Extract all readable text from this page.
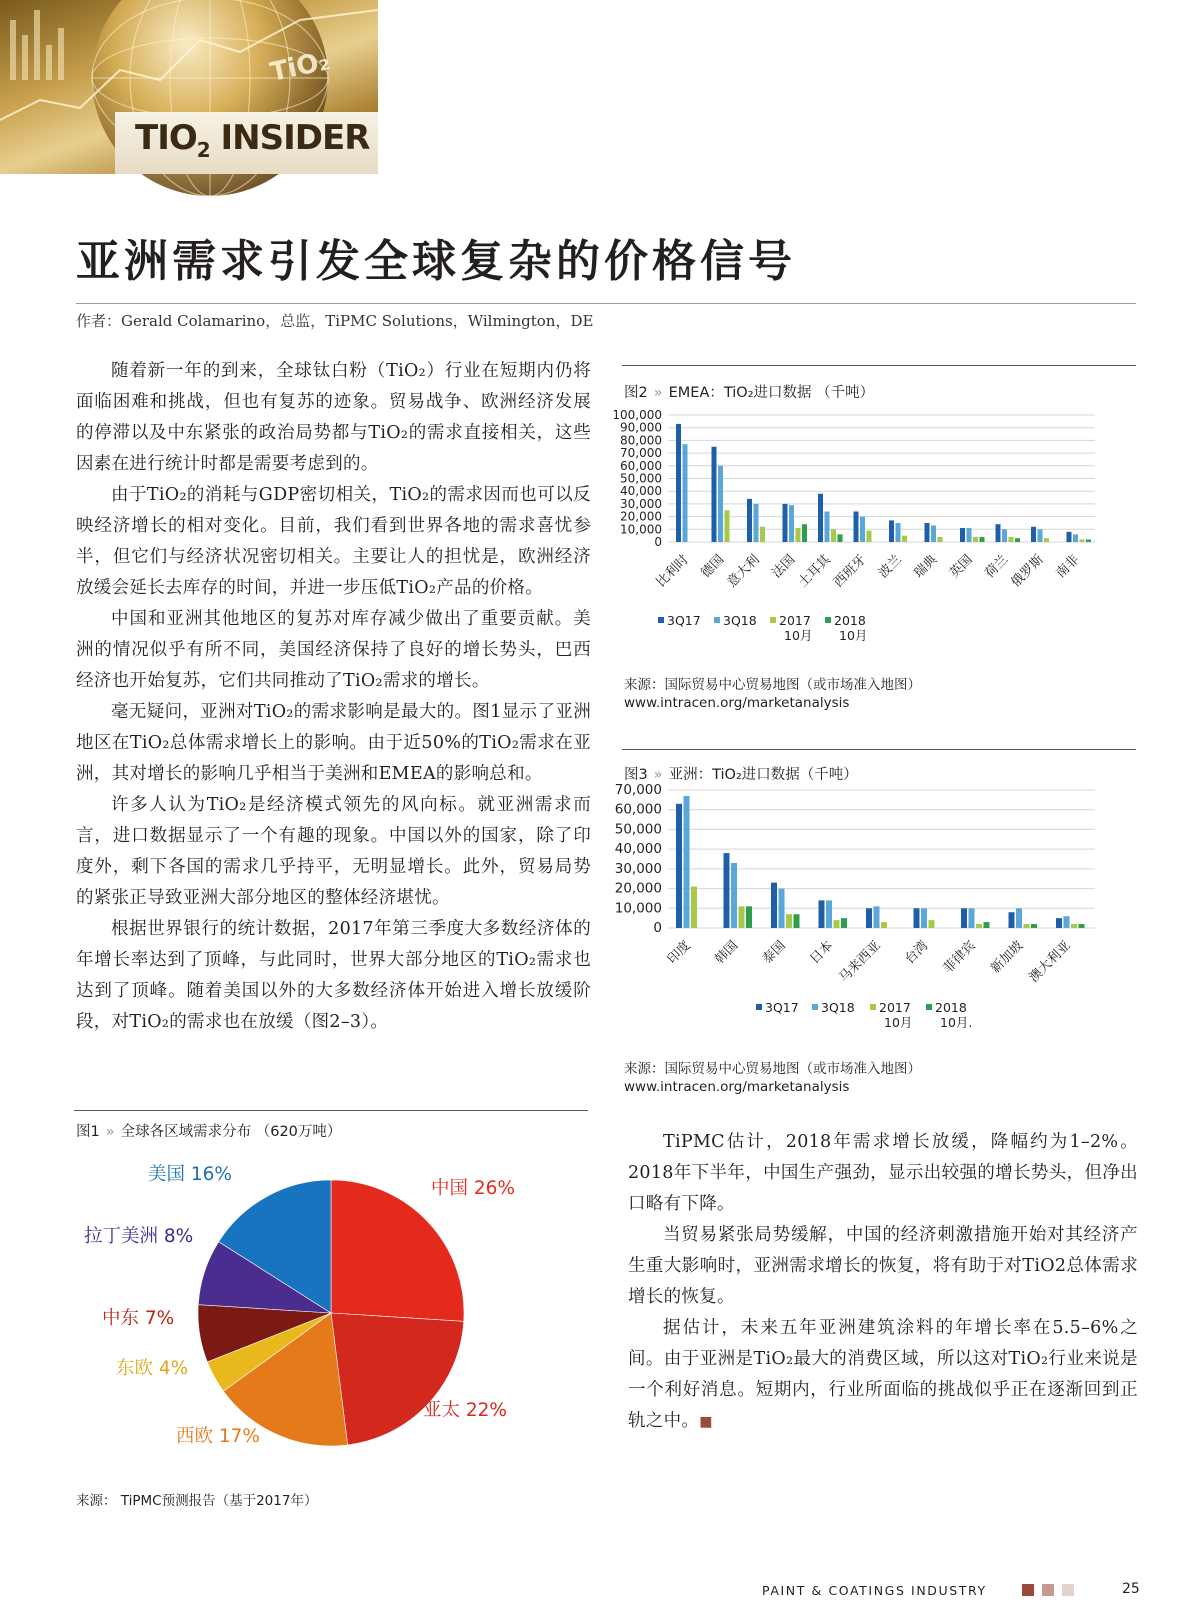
TiO₂
$TIO_2$ INSIDER
亚洲需求引发全球复杂的价格信号
作者：Gerald Colamarino，总监，TiPMC Solutions，Wilmington，DE

随着新一年的到来，全球钛白粉（TiO₂）行业在短期内仍将面临困难和挑战，但也有复苏的迹象。贸易战争、欧洲经济发展的停滞以及中东紧张的政治局势都与TiO₂的需求直接相关，这些因素在进行统计时都是需要考虑到的。

由于TiO₂的消耗与GDP密切相关，TiO₂的需求因而也可以反映经济增长的相对变化。目前，我们看到世界各地的需求喜忧参半，但它们与经济状况密切相关。主要让人的担忧是，欧洲经济放缓会延长去库存的时间，并进一步压低TiO₂产品的价格。

中国和亚洲其他地区的复苏对库存减少做出了重要贡献。美洲的情况似乎有所不同，美国经济保持了良好的增长势头，巴西经济也开始复苏，它们共同推动了TiO₂需求的增长。

毫无疑问，亚洲对TiO₂的需求影响是最大的。图1显示了亚洲地区在TiO₂总体需求增长上的影响。由于近50%的TiO₂需求在亚洲，其对增长的影响几乎相当于美洲和EMEA的影响总和。

许多人认为TiO₂是经济模式领先的风向标。就亚洲需求而言，进口数据显示了一个有趣的现象。中国以外的国家，除了印度外，剩下各国的需求几乎持平，无明显增长。此外，贸易局势的紧张正导致亚洲大部分地区的整体经济堪忧。

根据世界银行的统计数据，2017年第三季度大多数经济体的年增长率达到了顶峰，与此同时，世界大部分地区的TiO₂需求也达到了顶峰。随着美国以外的大多数经济体开始进入增长放缓阶段，对TiO₂的需求也在放缓（图2–3）。

图1 » 全球各区域需求分布 （620万吨）
中国 26%
亚太 22%
西欧 17%
东欧 4%
中东 7%
拉丁美洲 8%
美国 16%
来源： TiPMC预测报告（基于2017年）
图2 » EMEA：TiO₂进口数据 （千吨）
100,000
90,000
80,000
70,000
60,000
50,000
40,000
30,000
20,000
10,000
0
比利时 德国
意大利 法国
土耳其
西班牙 波兰 瑞典 英国 荷兰
俄罗斯 南非
3Q17 3Q18 2017
10月
2018
10月
来源：国际贸易中心贸易地图（或市场准入地图）
www.intracen.org/marketanalysis
图3 » 亚洲：TiO₂进口数据（千吨）
70,000
60,000
50,000
40,000
30,000
20,000
10,000
0
印度 韩国 泰国 日本 马来西亚 台湾 菲律宾 新加坡 澳大利亚
3Q17 3Q18 2017
10月
2018
10月.
来源：国际贸易中心贸易地图（或市场准入地图）
www.intracen.org/marketanalysis

TiPMC估计，2018年需求增长放缓，降幅约为1–2%。2018年下半年，中国生产强劲，显示出较强的增长势头，但净出口略有下降。

当贸易紧张局势缓解，中国的经济刺激措施开始对其经济产生重大影响时，亚洲需求增长的恢复，将有助于对TiO2总体需求增长的恢复。

据估计，未来五年亚洲建筑涂料的年增长率在5.5–6%之间。由于亚洲是TiO₂最大的消费区域，所以这对TiO₂行业来说是一个利好消息。短期内，行业所面临的挑战似乎正在逐渐回到正轨之中。■

PAINT & COATINGS INDUSTRY	25
